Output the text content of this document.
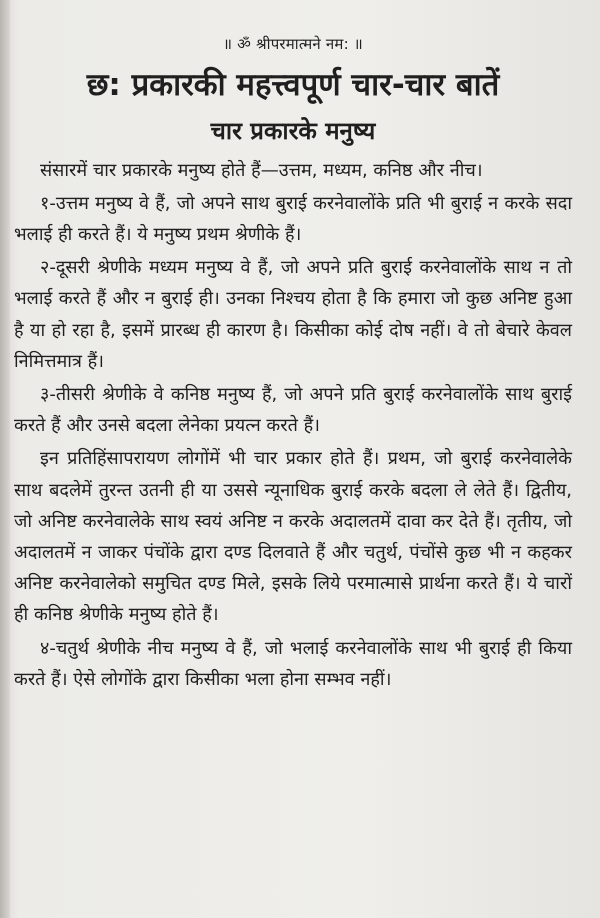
॥ ॐ श्रीपरमात्मने नम: ॥

छ: प्रकारकी महत्त्वपूर्ण चार-चार बातें
चार प्रकारके मनुष्य

संसारमें चार प्रकारके मनुष्य होते हैं—उत्तम, मध्यम, कनिष्ठ और नीच।

१-उत्तम मनुष्य वे हैं, जो अपने साथ बुराई करनेवालोंके प्रति भी बुराई न करके सदा भलाई ही करते हैं। ये मनुष्य प्रथम श्रेणीके हैं।

२-दूसरी श्रेणीके मध्यम मनुष्य वे हैं, जो अपने प्रति बुराई करनेवालोंके साथ न तो भलाई करते हैं और न बुराई ही। उनका निश्चय होता है कि हमारा जो कुछ अनिष्ट हुआ है या हो रहा है, इसमें प्रारब्ध ही कारण है। किसीका कोई दोष नहीं। वे तो बेचारे केवल निमित्तमात्र हैं।

३-तीसरी श्रेणीके वे कनिष्ठ मनुष्य हैं, जो अपने प्रति बुराई करनेवालोंके साथ बुराई करते हैं और उनसे बदला लेनेका प्रयत्न करते हैं।

इन प्रतिहिंसापरायण लोगोंमें भी चार प्रकार होते हैं। प्रथम, जो बुराई करनेवालेके साथ बदलेमें तुरन्त उतनी ही या उससे न्यूनाधिक बुराई करके बदला ले लेते हैं। द्वितीय, जो अनिष्ट करनेवालेके साथ स्वयं अनिष्ट न करके अदालतमें दावा कर देते हैं। तृतीय, जो अदालतमें न जाकर पंचोंके द्वारा दण्ड दिलवाते हैं और चतुर्थ, पंचोंसे कुछ भी न कहकर अनिष्ट करनेवालेको समुचित दण्ड मिले, इसके लिये परमात्मासे प्रार्थना करते हैं। ये चारों ही कनिष्ठ श्रेणीके मनुष्य होते हैं।

४-चतुर्थ श्रेणीके नीच मनुष्य वे हैं, जो भलाई करनेवालोंके साथ भी बुराई ही किया करते हैं। ऐसे लोगोंके द्वारा किसीका भला होना सम्भव नहीं।
